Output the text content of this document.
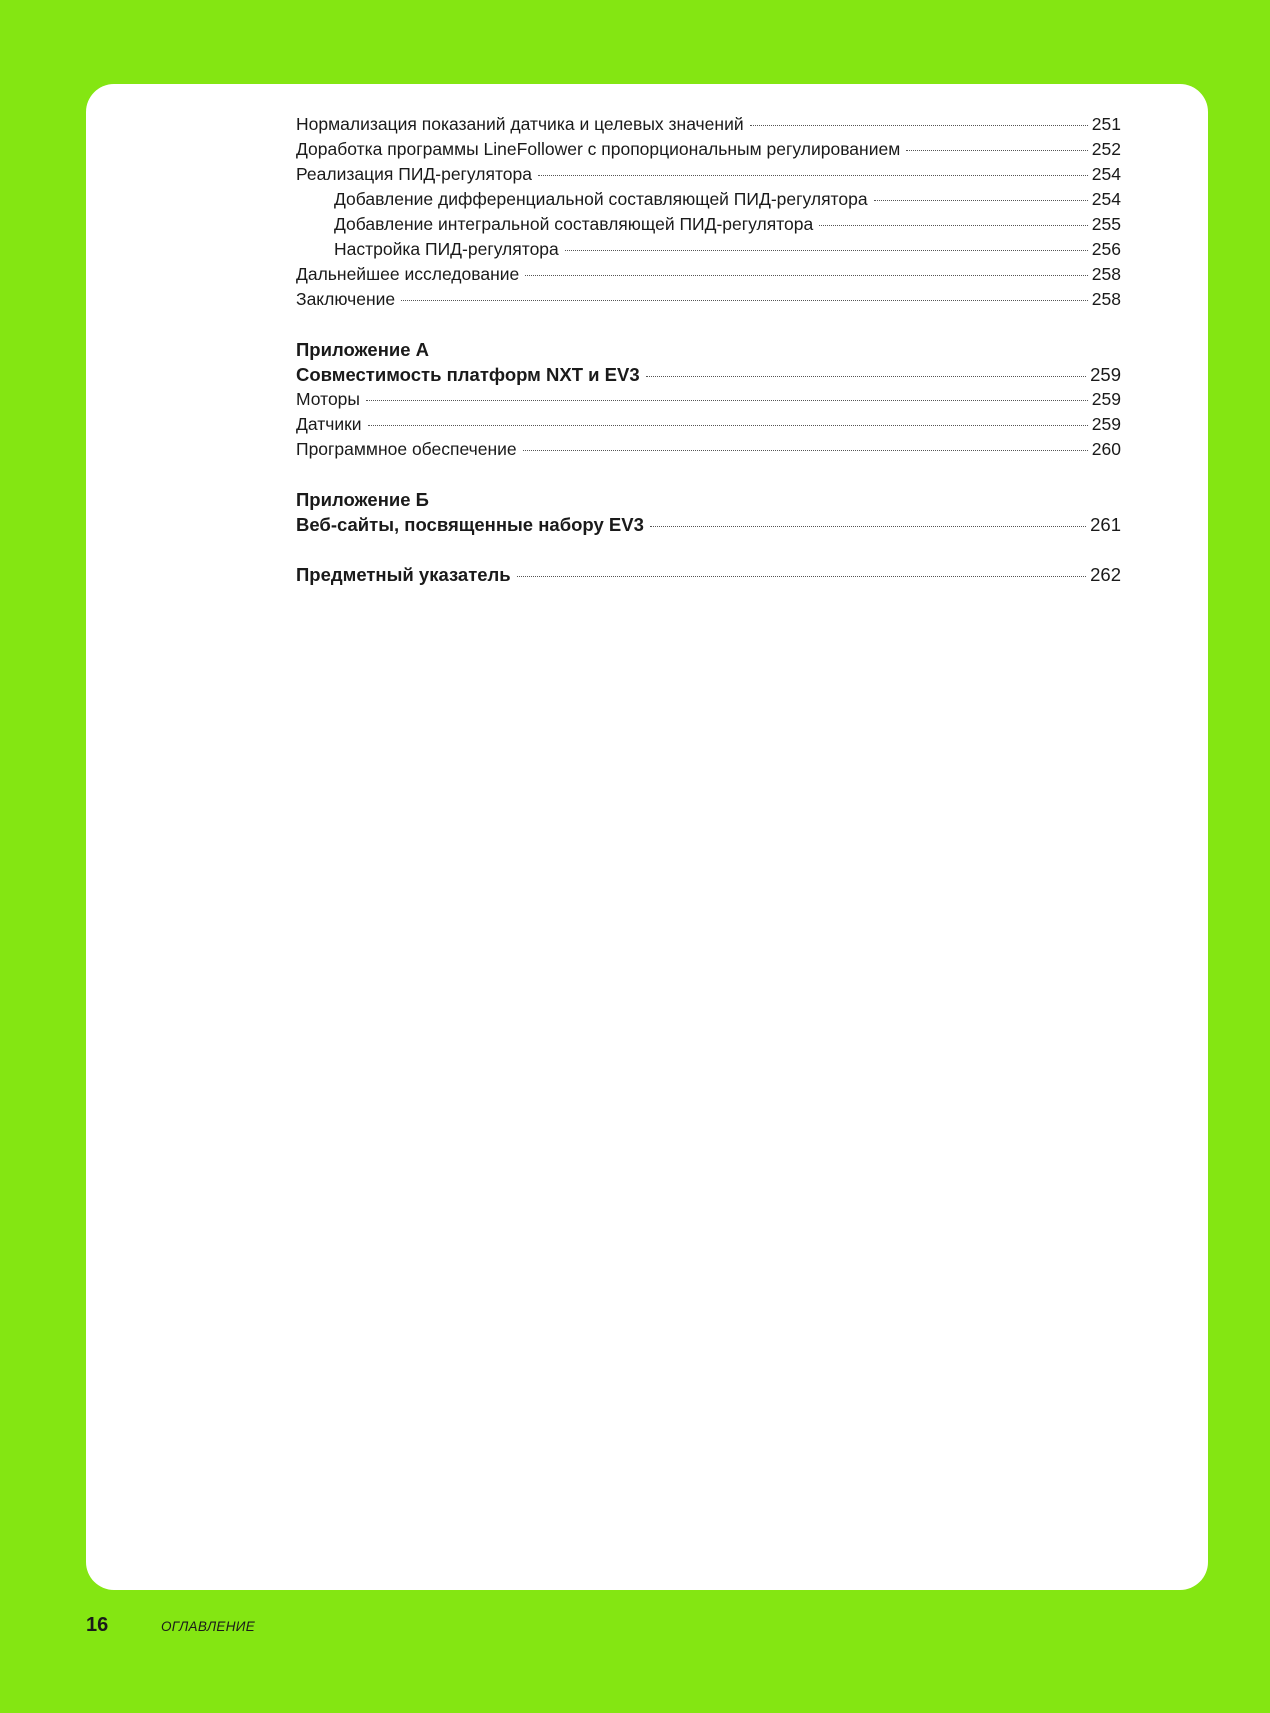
Нормализация показаний датчика и целевых значений	251
Доработка программы LineFollower с пропорциональным регулированием	252
Реализация ПИД-регулятора	254
Добавление дифференциальной составляющей ПИД-регулятора	254
Добавление интегральной составляющей ПИД-регулятора	255
Настройка ПИД-регулятора	256
Дальнейшее исследование	258
Заключение	258
Приложение А
Совместимость платформ NXT и EV3	259
Моторы	259
Датчики	259
Программное обеспечение	260
Приложение Б
Веб-сайты, посвященные набору EV3	261
Предметный указатель	262
16	ОГЛАВЛЕНИЕ
